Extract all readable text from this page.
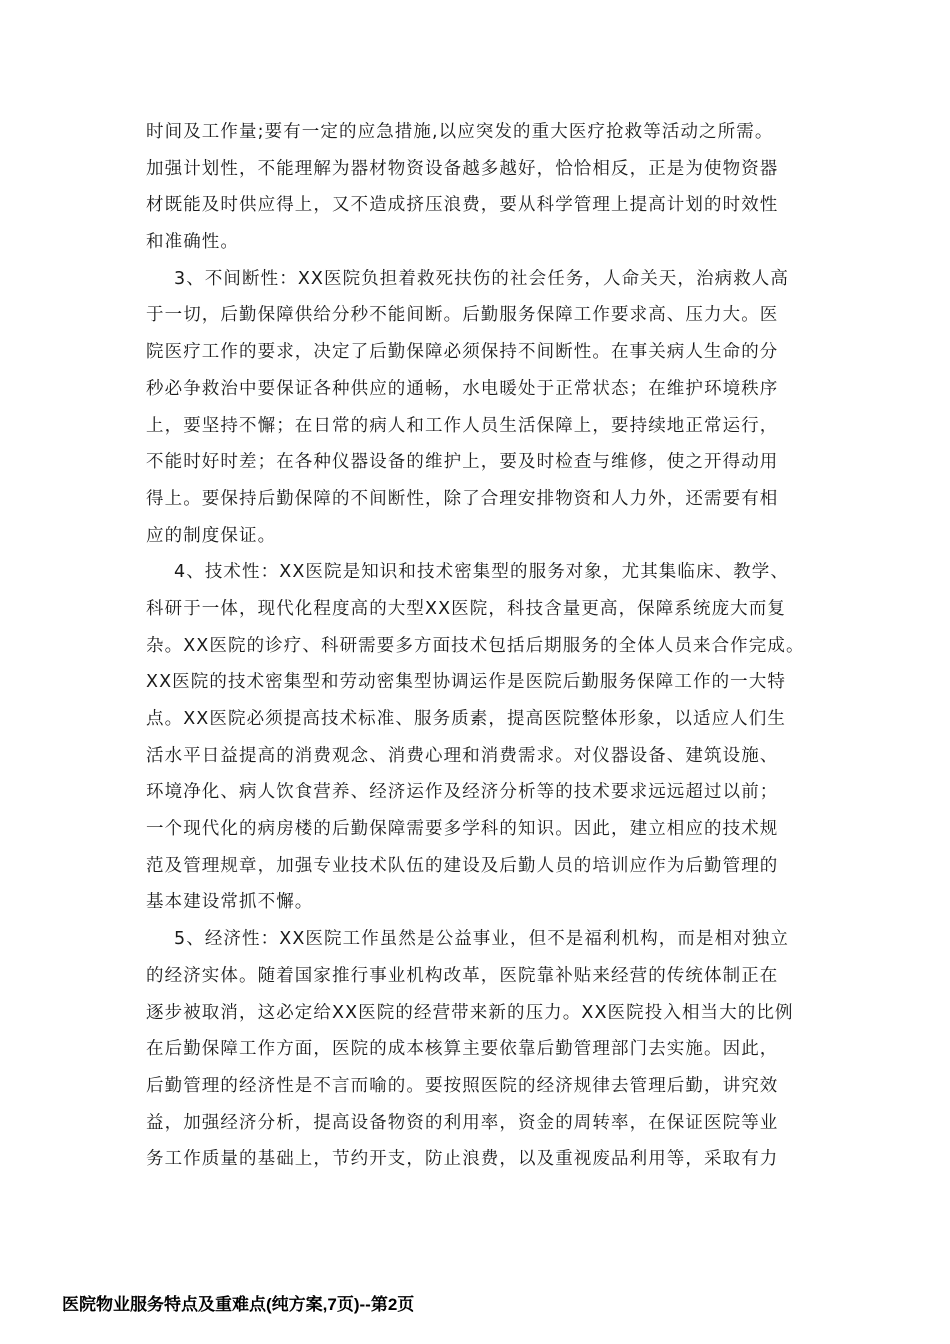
时间及工作量;要有一定的应急措施,以应突发的重大医疗抢救等活动之所需。
加强计划性，不能理解为器材物资设备越多越好，恰恰相反，正是为使物资器
材既能及时供应得上，又不造成挤压浪费，要从科学管理上提高计划的时效性
和准确性。
3、不间断性：XX医院负担着救死扶伤的社会任务，人命关天，治病救人高
于一切，后勤保障供给分秒不能间断。后勤服务保障工作要求高、压力大。医
院医疗工作的要求，决定了后勤保障必须保持不间断性。在事关病人生命的分
秒必争救治中要保证各种供应的通畅，水电暖处于正常状态；在维护环境秩序
上，要坚持不懈；在日常的病人和工作人员生活保障上，要持续地正常运行，
不能时好时差；在各种仪器设备的维护上，要及时检查与维修，使之开得动用
得上。要保持后勤保障的不间断性，除了合理安排物资和人力外，还需要有相
应的制度保证。
4、技术性：XX医院是知识和技术密集型的服务对象，尤其集临床、教学、
科研于一体，现代化程度高的大型XX医院，科技含量更高，保障系统庞大而复
杂。XX医院的诊疗、科研需要多方面技术包括后期服务的全体人员来合作完成。
XX医院的技术密集型和劳动密集型协调运作是医院后勤服务保障工作的一大特
点。XX医院必须提高技术标准、服务质素，提高医院整体形象，以适应人们生
活水平日益提高的消费观念、消费心理和消费需求。对仪器设备、建筑设施、
环境净化、病人饮食营养、经济运作及经济分析等的技术要求远远超过以前；
一个现代化的病房楼的后勤保障需要多学科的知识。因此，建立相应的技术规
范及管理规章，加强专业技术队伍的建设及后勤人员的培训应作为后勤管理的
基本建设常抓不懈。
5、经济性：XX医院工作虽然是公益事业，但不是福利机构，而是相对独立
的经济实体。随着国家推行事业机构改革，医院靠补贴来经营的传统体制正在
逐步被取消，这必定给XX医院的经营带来新的压力。XX医院投入相当大的比例
在后勤保障工作方面，医院的成本核算主要依靠后勤管理部门去实施。因此，
后勤管理的经济性是不言而喻的。要按照医院的经济规律去管理后勤，讲究效
益，加强经济分析，提高设备物资的利用率，资金的周转率，在保证医院等业
务工作质量的基础上，节约开支，防止浪费，以及重视废品利用等，采取有力
医院物业服务特点及重难点(纯方案,7页)--第2页
